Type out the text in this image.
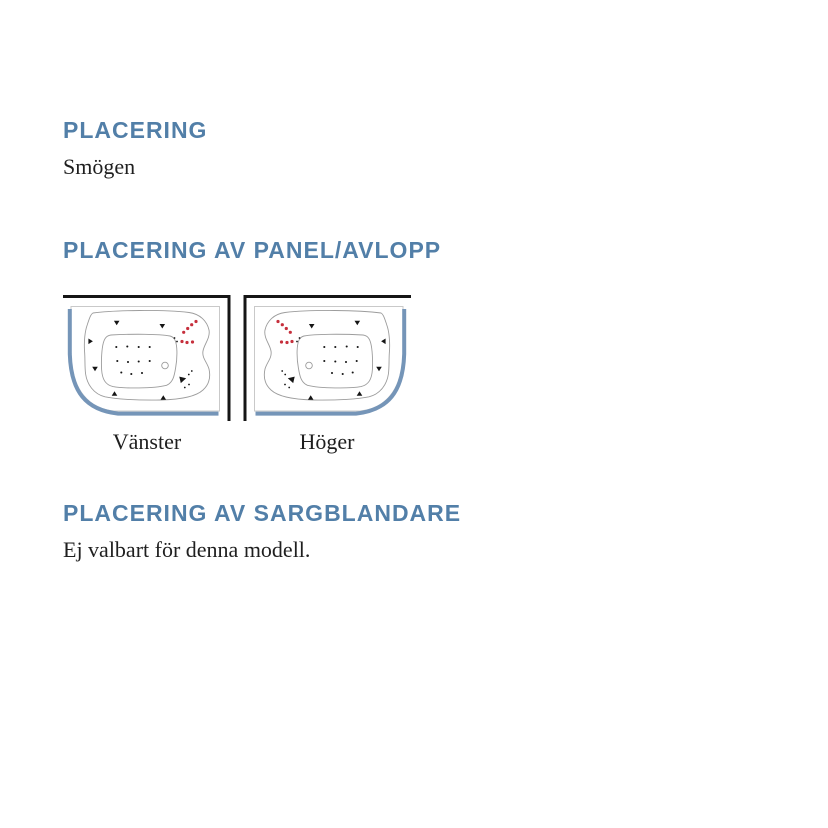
PLACERING

Smögen

PLACERING AV PANEL/AVLOPP
Vänster	Höger
PLACERING AV SARGBLANDARE

Ej valbart för denna modell.
